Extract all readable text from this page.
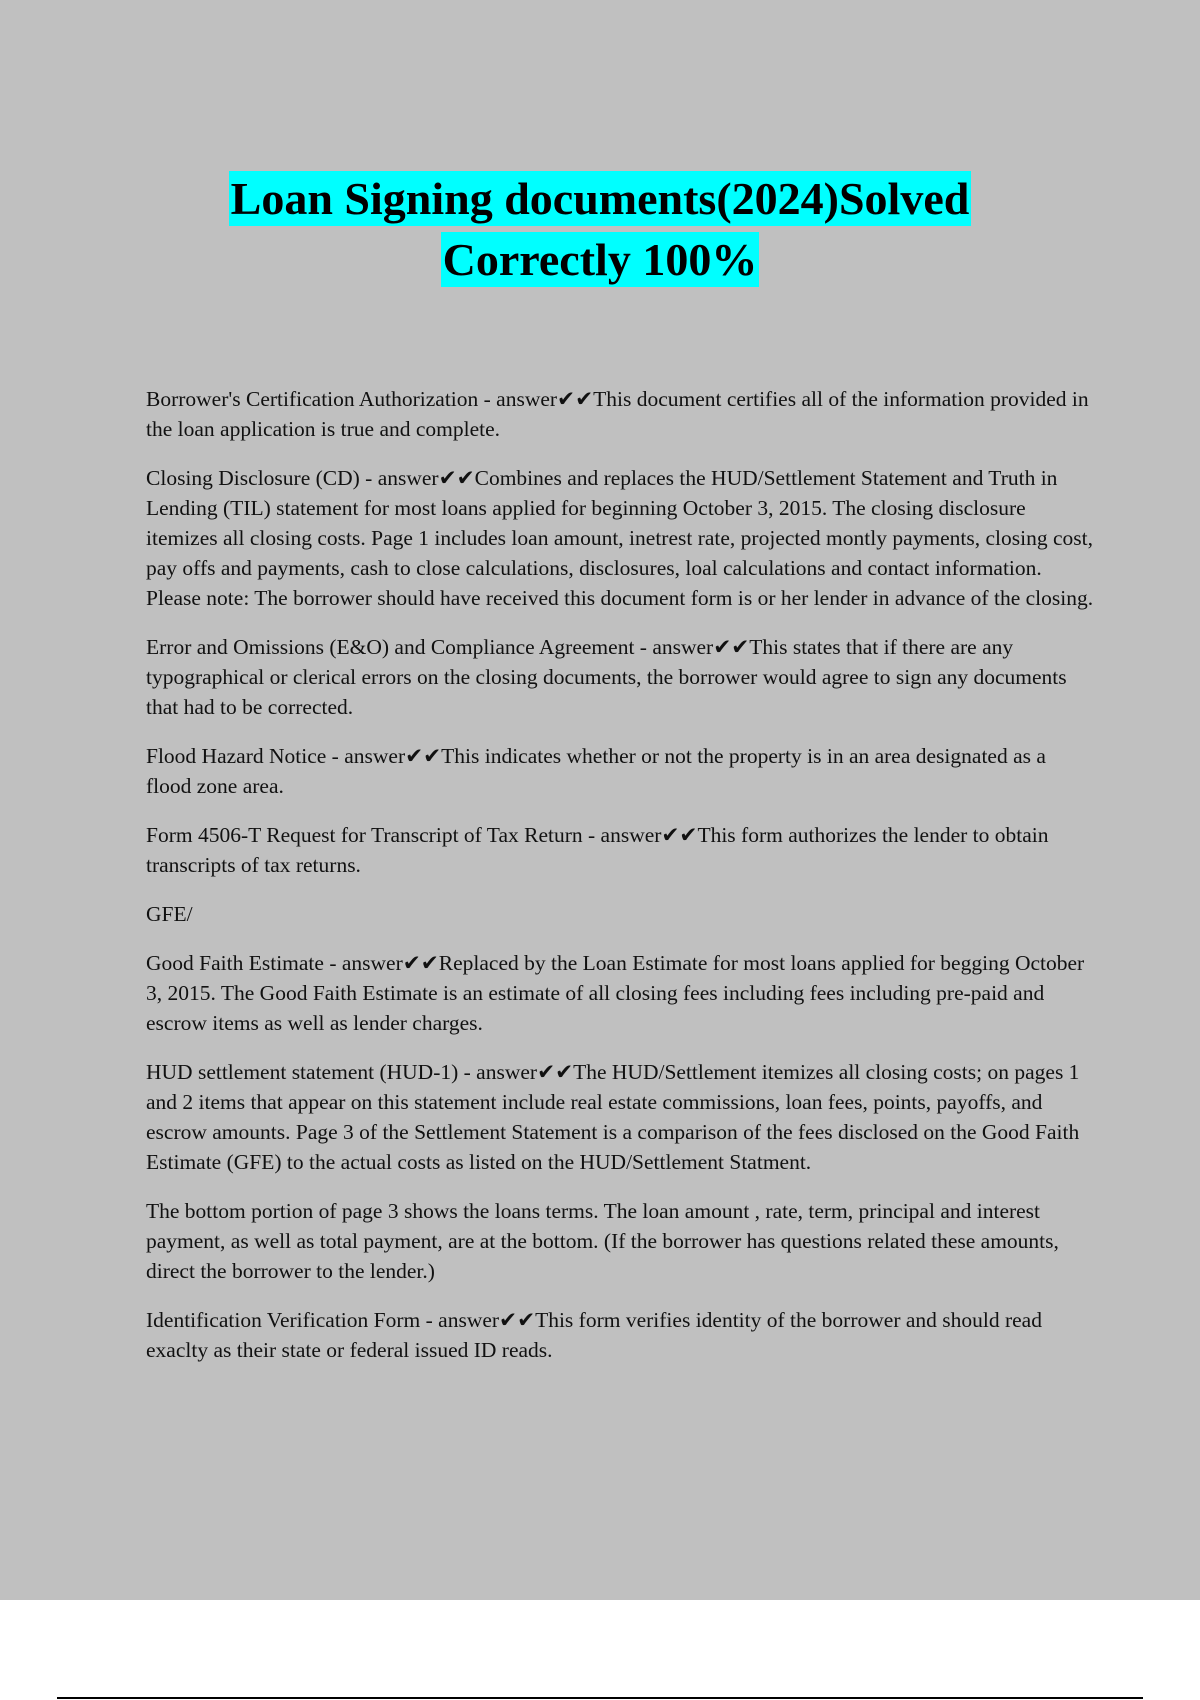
Loan Signing documents(2024)Solved
Correctly 100%

Borrower's Certification Authorization - answer✔✔This document certifies all of the information provided in the loan application is true and complete.

Closing Disclosure (CD) - answer✔✔Combines and replaces the HUD/Settlement Statement and Truth in Lending (TIL) statement for most loans applied for beginning October 3, 2015. The closing disclosure itemizes all closing costs. Page 1 includes loan amount, inetrest rate, projected montly payments, closing cost, pay offs and payments, cash to close calculations, disclosures, loal calculations and contact information. Please note: The borrower should have received this document form is or her lender in advance of the closing.

Error and Omissions (E&O) and Compliance Agreement - answer✔✔This states that if there are any typographical or clerical errors on the closing documents, the borrower would agree to sign any documents that had to be corrected.

Flood Hazard Notice - answer✔✔This indicates whether or not the property is in an area designated as a flood zone area.

Form 4506-T Request for Transcript of Tax Return - answer✔✔This form authorizes the lender to obtain transcripts of tax returns.

GFE/

Good Faith Estimate - answer✔✔Replaced by the Loan Estimate for most loans applied for begging October 3, 2015. The Good Faith Estimate is an estimate of all closing fees including fees including pre-paid and escrow items as well as lender charges.

HUD settlement statement (HUD-1) - answer✔✔The HUD/Settlement itemizes all closing costs; on pages 1 and 2 items that appear on this statement include real estate commissions, loan fees, points, payoffs, and escrow amounts. Page 3 of the Settlement Statement is a comparison of the fees disclosed on the Good Faith Estimate (GFE) to the actual costs as listed on the HUD/Settlement Statment.

The bottom portion of page 3 shows the loans terms. The loan amount , rate, term, principal and interest payment, as well as total payment, are at the bottom. (If the borrower has questions related these amounts, direct the borrower to the lender.)

Identification Verification Form - answer✔✔This form verifies identity of the borrower and should read exaclty as their state or federal issued ID reads.
